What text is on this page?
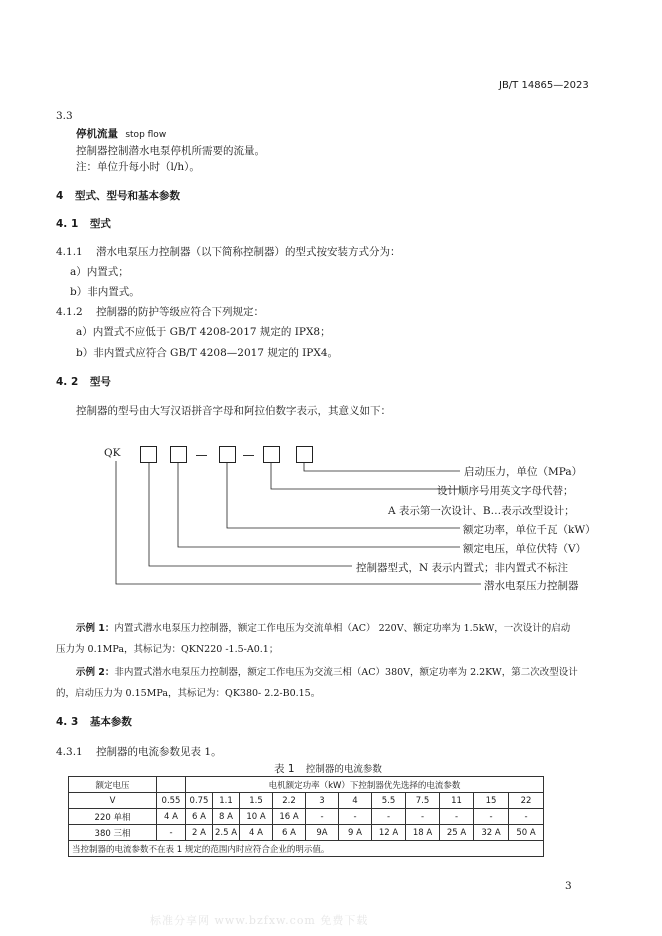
JB/T 14865—2023
3.3
停机流量 stop flow
控制器控制潜水电泵停机所需要的流量。
注：单位升每小时（l/h）。
4 型式、型号和基本参数
4. 1 型式
4.1.1 潜水电泵压力控制器（以下简称控制器）的型式按安装方式分为：
a）内置式；
b）非内置式。
4.1.2 控制器的防护等级应符合下列规定：
a）内置式不应低于 GB/T 4208-2017 规定的 IPX8；
b）非内置式应符合 GB/T 4208—2017 规定的 IPX4。
4. 2 型号
控制器的型号由大写汉语拼音字母和阿拉伯数字表示，其意义如下：
QK
启动压力，单位（MPa）
设计顺序号用英文字母代替；
A 表示第一次设计、B…表示改型设计；
额定功率，单位千瓦（kW）
额定电压，单位伏特（V）
控制器型式，N 表示内置式；非内置式不标注
潜水电泵压力控制器
示例 1：内置式潜水电泵压力控制器，额定工作电压为交流单相（AC） 220V、额定功率为 1.5kW，一次设计的启动
压力为 0.1MPa，其标记为：QKN220 -1.5-A0.1；
示例 2：非内置式潜水电泵压力控制器，额定工作电压为交流三相（AC）380V，额定功率为 2.2KW，第二次改型设计
的，启动压力为 0.15MPa，其标记为：QK380- 2.2-B0.15。
4. 3 基本参数
4.3.1 控制器的电流参数见表 1。
表 1 控制器的电流参数
额定电压		电机额定功率（kW）下控制器优先选择的电流参数										
V	0.55	0.75	1.1	1.5	2.2	3	4	5.5	7.5	11	15	22
220 单相	4 A	6 A	8 A	10 A	16 A	-	-	-	-	-	-	-
380 三相	-	2 A	2.5 A	4 A	6 A	9A	9 A	12 A	18 A	25 A	32 A	50 A
当控制器的电流参数不在表 1 规定的范围内时应符合企业的明示值。												
3
标准分享网 www.bzfxw.com 免费下载
